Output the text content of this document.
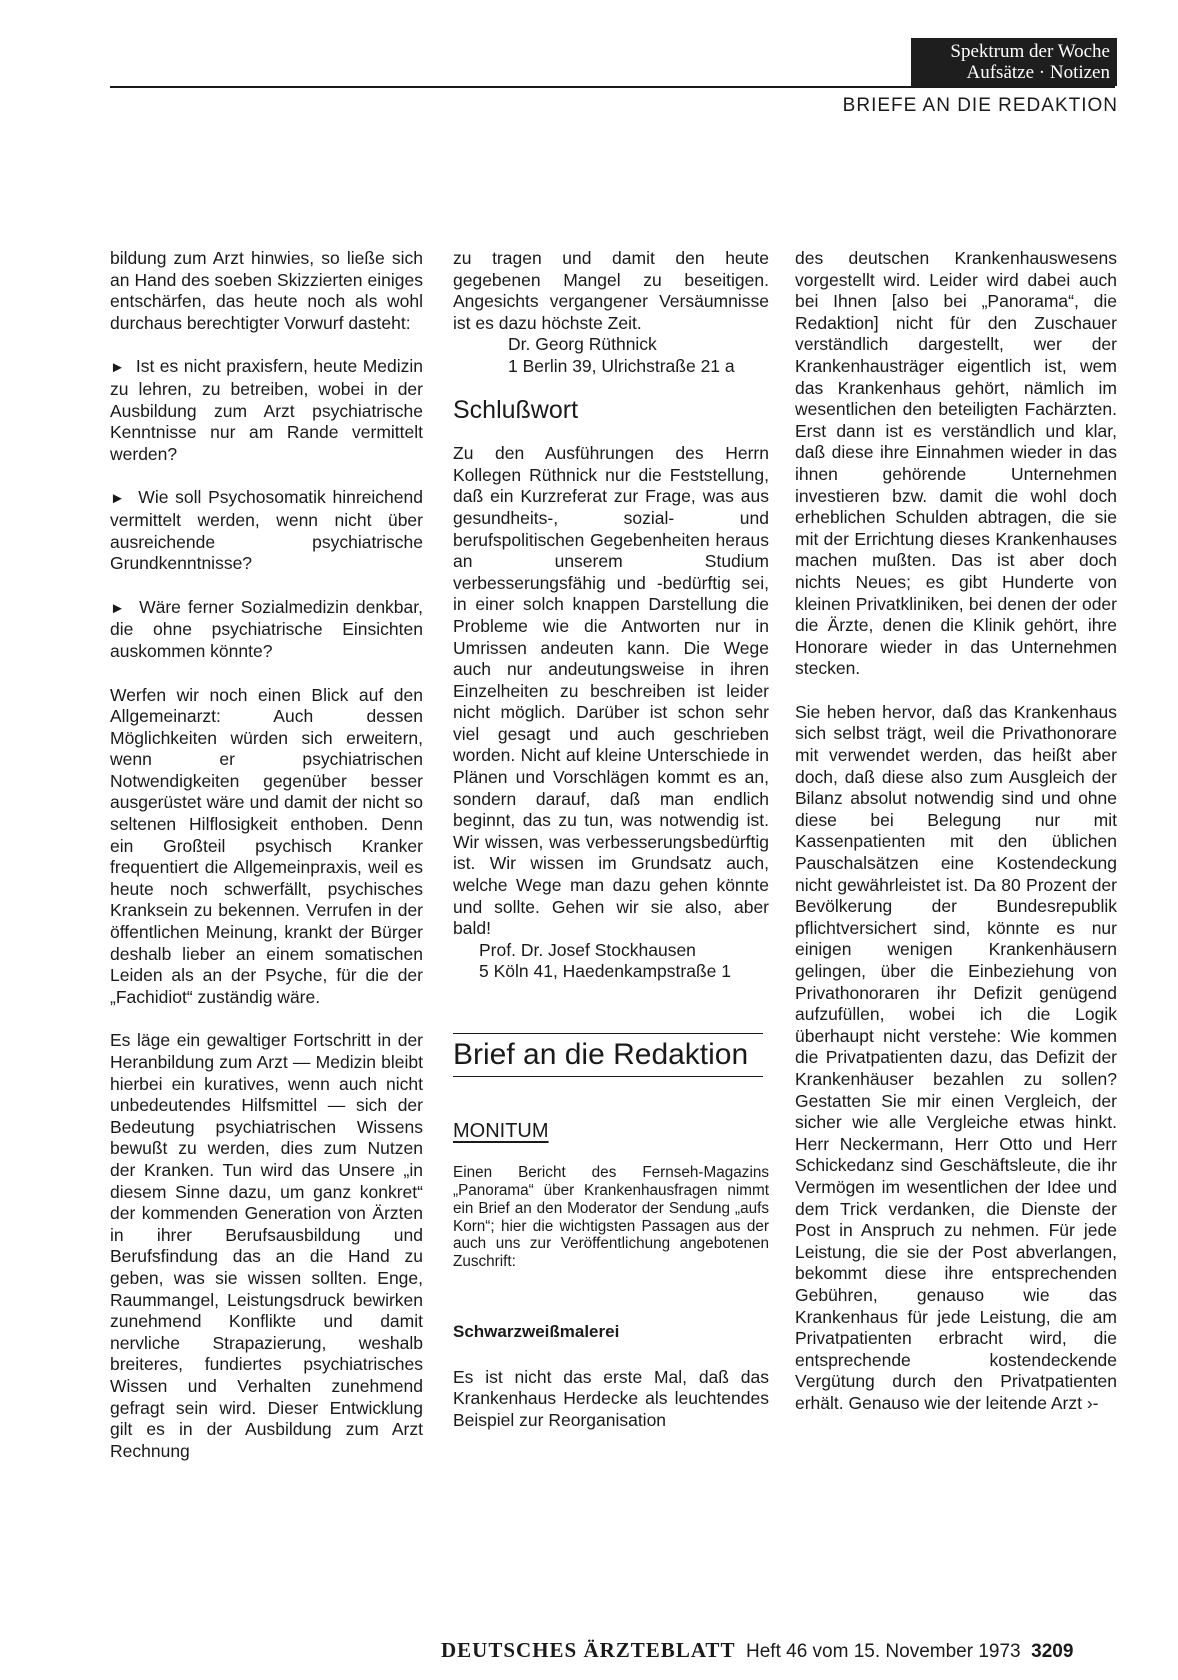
Spektrum der Woche
Aufsätze · Notizen
BRIEFE AN DIE REDAKTION

bildung zum Arzt hinwies, so ließe sich an Hand des soeben Skizzierten einiges entschärfen, das heute noch als wohl durchaus berechtigter Vorwurf dasteht:

► Ist es nicht praxisfern, heute Medizin zu lehren, zu betreiben, wobei in der Ausbildung zum Arzt psychiatrische Kenntnisse nur am Rande vermittelt werden?

► Wie soll Psychosomatik hinreichend vermittelt werden, wenn nicht über ausreichende psychiatrische Grundkenntnisse?

► Wäre ferner Sozialmedizin denkbar, die ohne psychiatrische Einsichten auskommen könnte?

Werfen wir noch einen Blick auf den Allgemeinarzt: Auch dessen Möglichkeiten würden sich erweitern, wenn er psychiatrischen Notwendigkeiten gegenüber besser ausgerüstet wäre und damit der nicht so seltenen Hilflosigkeit enthoben. Denn ein Großteil psychisch Kranker frequentiert die Allgemeinpraxis, weil es heute noch schwerfällt, psychisches Kranksein zu bekennen. Verrufen in der öffentlichen Meinung, krankt der Bürger deshalb lieber an einem somatischen Leiden als an der Psyche, für die der „Fachidiot“ zuständig wäre.

Es läge ein gewaltiger Fortschritt in der Heranbildung zum Arzt — Medizin bleibt hierbei ein kuratives, wenn auch nicht unbedeutendes Hilfsmittel — sich der Bedeutung psychiatrischen Wissens bewußt zu werden, dies zum Nutzen der Kranken. Tun wird das Unsere „in diesem Sinne dazu, um ganz konkret“ der kommenden Generation von Ärzten in ihrer Berufsausbildung und Berufsfindung das an die Hand zu geben, was sie wissen sollten. Enge, Raummangel, Leistungsdruck bewirken zunehmend Konflikte und damit nervliche Strapazierung, weshalb breiteres, fundiertes psychiatrisches Wissen und Verhalten zunehmend gefragt sein wird. Dieser Entwicklung gilt es in der Ausbildung zum Arzt Rechnung

zu tragen und damit den heute gegebenen Mangel zu beseitigen. Angesichts vergangener Versäumnisse ist es dazu höchste Zeit.

Dr. Georg Rüthnick

1 Berlin 39, Ulrichstraße 21 a

Schlußwort

Zu den Ausführungen des Herrn Kollegen Rüthnick nur die Feststellung, daß ein Kurzreferat zur Frage, was aus gesundheits-, sozial- und berufspolitischen Gegebenheiten heraus an unserem Studium verbesserungsfähig und -bedürftig sei, in einer solch knappen Darstellung die Probleme wie die Antworten nur in Umrissen andeuten kann. Die Wege auch nur andeutungsweise in ihren Einzelheiten zu beschreiben ist leider nicht möglich. Darüber ist schon sehr viel gesagt und auch geschrieben worden. Nicht auf kleine Unterschiede in Plänen und Vorschlägen kommt es an, sondern darauf, daß man endlich beginnt, das zu tun, was notwendig ist. Wir wissen, was verbesserungsbedürftig ist. Wir wissen im Grundsatz auch, welche Wege man dazu gehen könnte und sollte. Gehen wir sie also, aber bald!

Prof. Dr. Josef Stockhausen

5 Köln 41, Haedenkampstraße 1

Brief an die Redaktion
MONITUM

Einen Bericht des Fernseh-Magazins „Panorama“ über Krankenhausfragen nimmt ein Brief an den Moderator der Sendung „aufs Korn“; hier die wichtigsten Passagen aus der auch uns zur Veröffentlichung angebotenen Zuschrift:

Schwarzweißmalerei

Es ist nicht das erste Mal, daß das Krankenhaus Herdecke als leuchtendes Beispiel zur Reorganisation

des deutschen Krankenhauswesens vorgestellt wird. Leider wird dabei auch bei Ihnen [also bei „Panorama“, die Redaktion] nicht für den Zuschauer verständlich dargestellt, wer der Krankenhausträger eigentlich ist, wem das Krankenhaus gehört, nämlich im wesentlichen den beteiligten Fachärzten. Erst dann ist es verständlich und klar, daß diese ihre Einnahmen wieder in das ihnen gehörende Unternehmen investieren bzw. damit die wohl doch erheblichen Schulden abtragen, die sie mit der Errichtung dieses Krankenhauses machen mußten. Das ist aber doch nichts Neues; es gibt Hunderte von kleinen Privatkliniken, bei denen der oder die Ärzte, denen die Klinik gehört, ihre Honorare wieder in das Unternehmen stecken.

Sie heben hervor, daß das Krankenhaus sich selbst trägt, weil die Privathonorare mit verwendet werden, das heißt aber doch, daß diese also zum Ausgleich der Bilanz absolut notwendig sind und ohne diese bei Belegung nur mit Kassenpatienten mit den üblichen Pauschalsätzen eine Kostendeckung nicht gewährleistet ist. Da 80 Prozent der Bevölkerung der Bundesrepublik pflichtversichert sind, könnte es nur einigen wenigen Krankenhäusern gelingen, über die Einbeziehung von Privathonoraren ihr Defizit genügend aufzufüllen, wobei ich die Logik überhaupt nicht verstehe: Wie kommen die Privatpatienten dazu, das Defizit der Krankenhäuser bezahlen zu sollen? Gestatten Sie mir einen Vergleich, der sicher wie alle Vergleiche etwas hinkt. Herr Neckermann, Herr Otto und Herr Schickedanz sind Geschäftsleute, die ihr Vermögen im wesentlichen der Idee und dem Trick verdanken, die Dienste der Post in Anspruch zu nehmen. Für jede Leistung, die sie der Post abverlangen, bekommt diese ihre entsprechenden Gebühren, genauso wie das Krankenhaus für jede Leistung, die am Privatpatienten erbracht wird, die entsprechende kostendeckende Vergütung durch den Privatpatienten erhält. Genauso wie der leitende Arzt ›-

DEUTSCHES ÄRZTEBLATT Heft 46 vom 15. November 1973 3209
